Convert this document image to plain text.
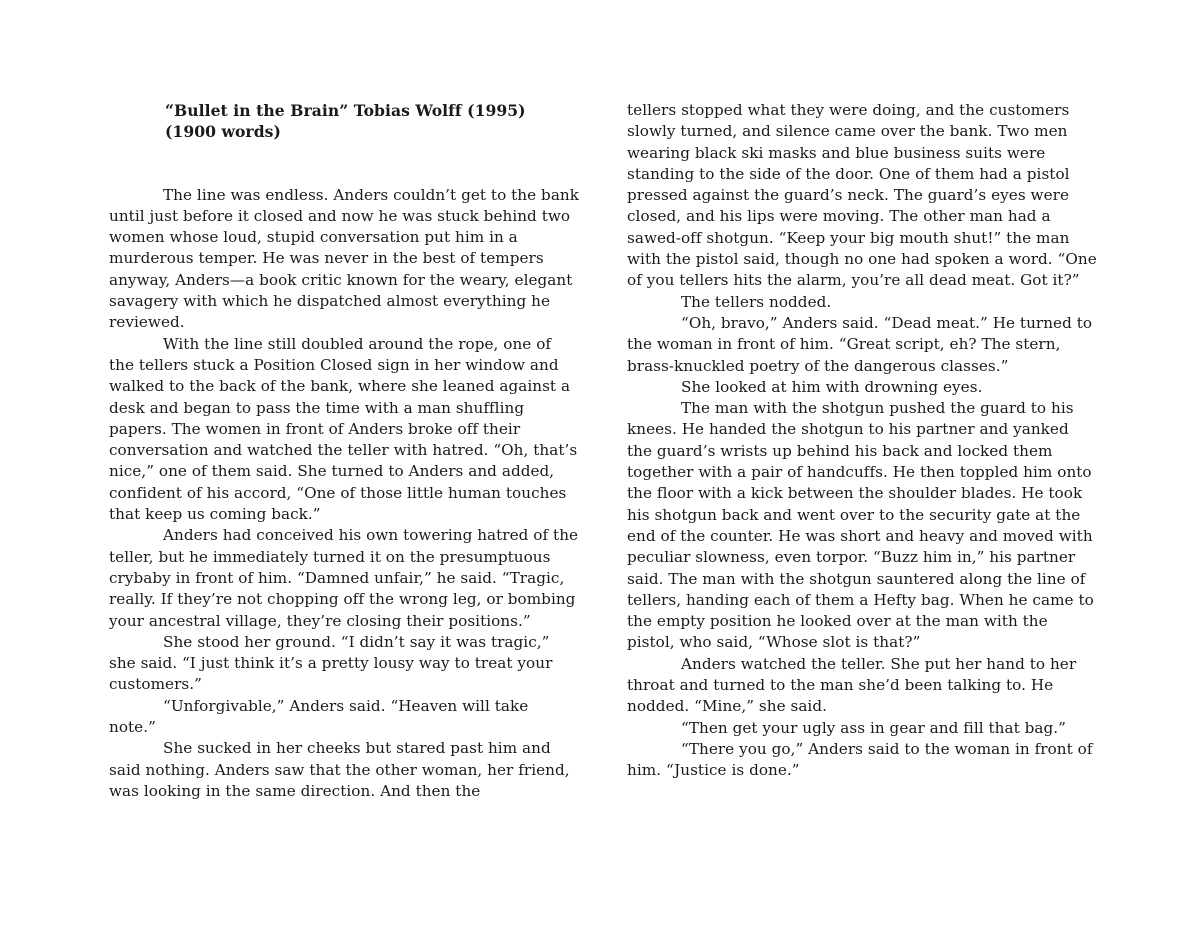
“Bullet in the Brain” Tobias Wolff (1995)
(1900 words)

The line was endless. Anders couldn’t get to the bank until just before it closed and now he was stuck behind two women whose loud, stupid conversation put him in a murderous temper. He was never in the best of tempers anyway, Anders—a book critic known for the weary, elegant savagery with which he dispatched almost everything he reviewed.

With the line still doubled around the rope, one of the tellers stuck a Position Closed sign in her window and walked to the back of the bank, where she leaned against a desk and began to pass the time with a man shuffling papers. The women in front of Anders broke off their conversation and watched the teller with hatred. “Oh, that’s nice,” one of them said. She turned to Anders and added, confident of his accord, “One of those little human touches that keep us coming back.”

Anders had conceived his own towering hatred of the teller, but he immediately turned it on the presumptuous crybaby in front of him. “Damned unfair,” he said. “Tragic, really. If they’re not chopping off the wrong leg, or bombing your ancestral village, they’re closing their positions.”

She stood her ground. “I didn’t say it was tragic,” she said. “I just think it’s a pretty lousy way to treat your customers.”

“Unforgivable,” Anders said. “Heaven will take note.”

She sucked in her cheeks but stared past him and said nothing. Anders saw that the other woman, her friend, was looking in the same direction. And then the

tellers stopped what they were doing, and the customers slowly turned, and silence came over the bank. Two men wearing black ski masks and blue business suits were standing to the side of the door. One of them had a pistol pressed against the guard’s neck. The guard’s eyes were closed, and his lips were moving. The other man had a sawed-off shotgun. “Keep your big mouth shut!” the man with the pistol said, though no one had spoken a word. “One of you tellers hits the alarm, you’re all dead meat. Got it?”

The tellers nodded.

“Oh, bravo,” Anders said. “Dead meat.” He turned to the woman in front of him. “Great script, eh? The stern, brass-knuckled poetry of the dangerous classes.”

She looked at him with drowning eyes.

The man with the shotgun pushed the guard to his knees. He handed the shotgun to his partner and yanked the guard’s wrists up behind his back and locked them together with a pair of handcuffs. He then toppled him onto the floor with a kick between the shoulder blades. He took his shotgun back and went over to the security gate at the end of the counter. He was short and heavy and moved with peculiar slowness, even torpor. “Buzz him in,” his partner said. The man with the shotgun sauntered along the line of tellers, handing each of them a Hefty bag. When he came to the empty position he looked over at the man with the pistol, who said, “Whose slot is that?”

Anders watched the teller. She put her hand to her throat and turned to the man she’d been talking to. He nodded. “Mine,” she said.

“Then get your ugly ass in gear and fill that bag.”

“There you go,” Anders said to the woman in front of him. “Justice is done.”
